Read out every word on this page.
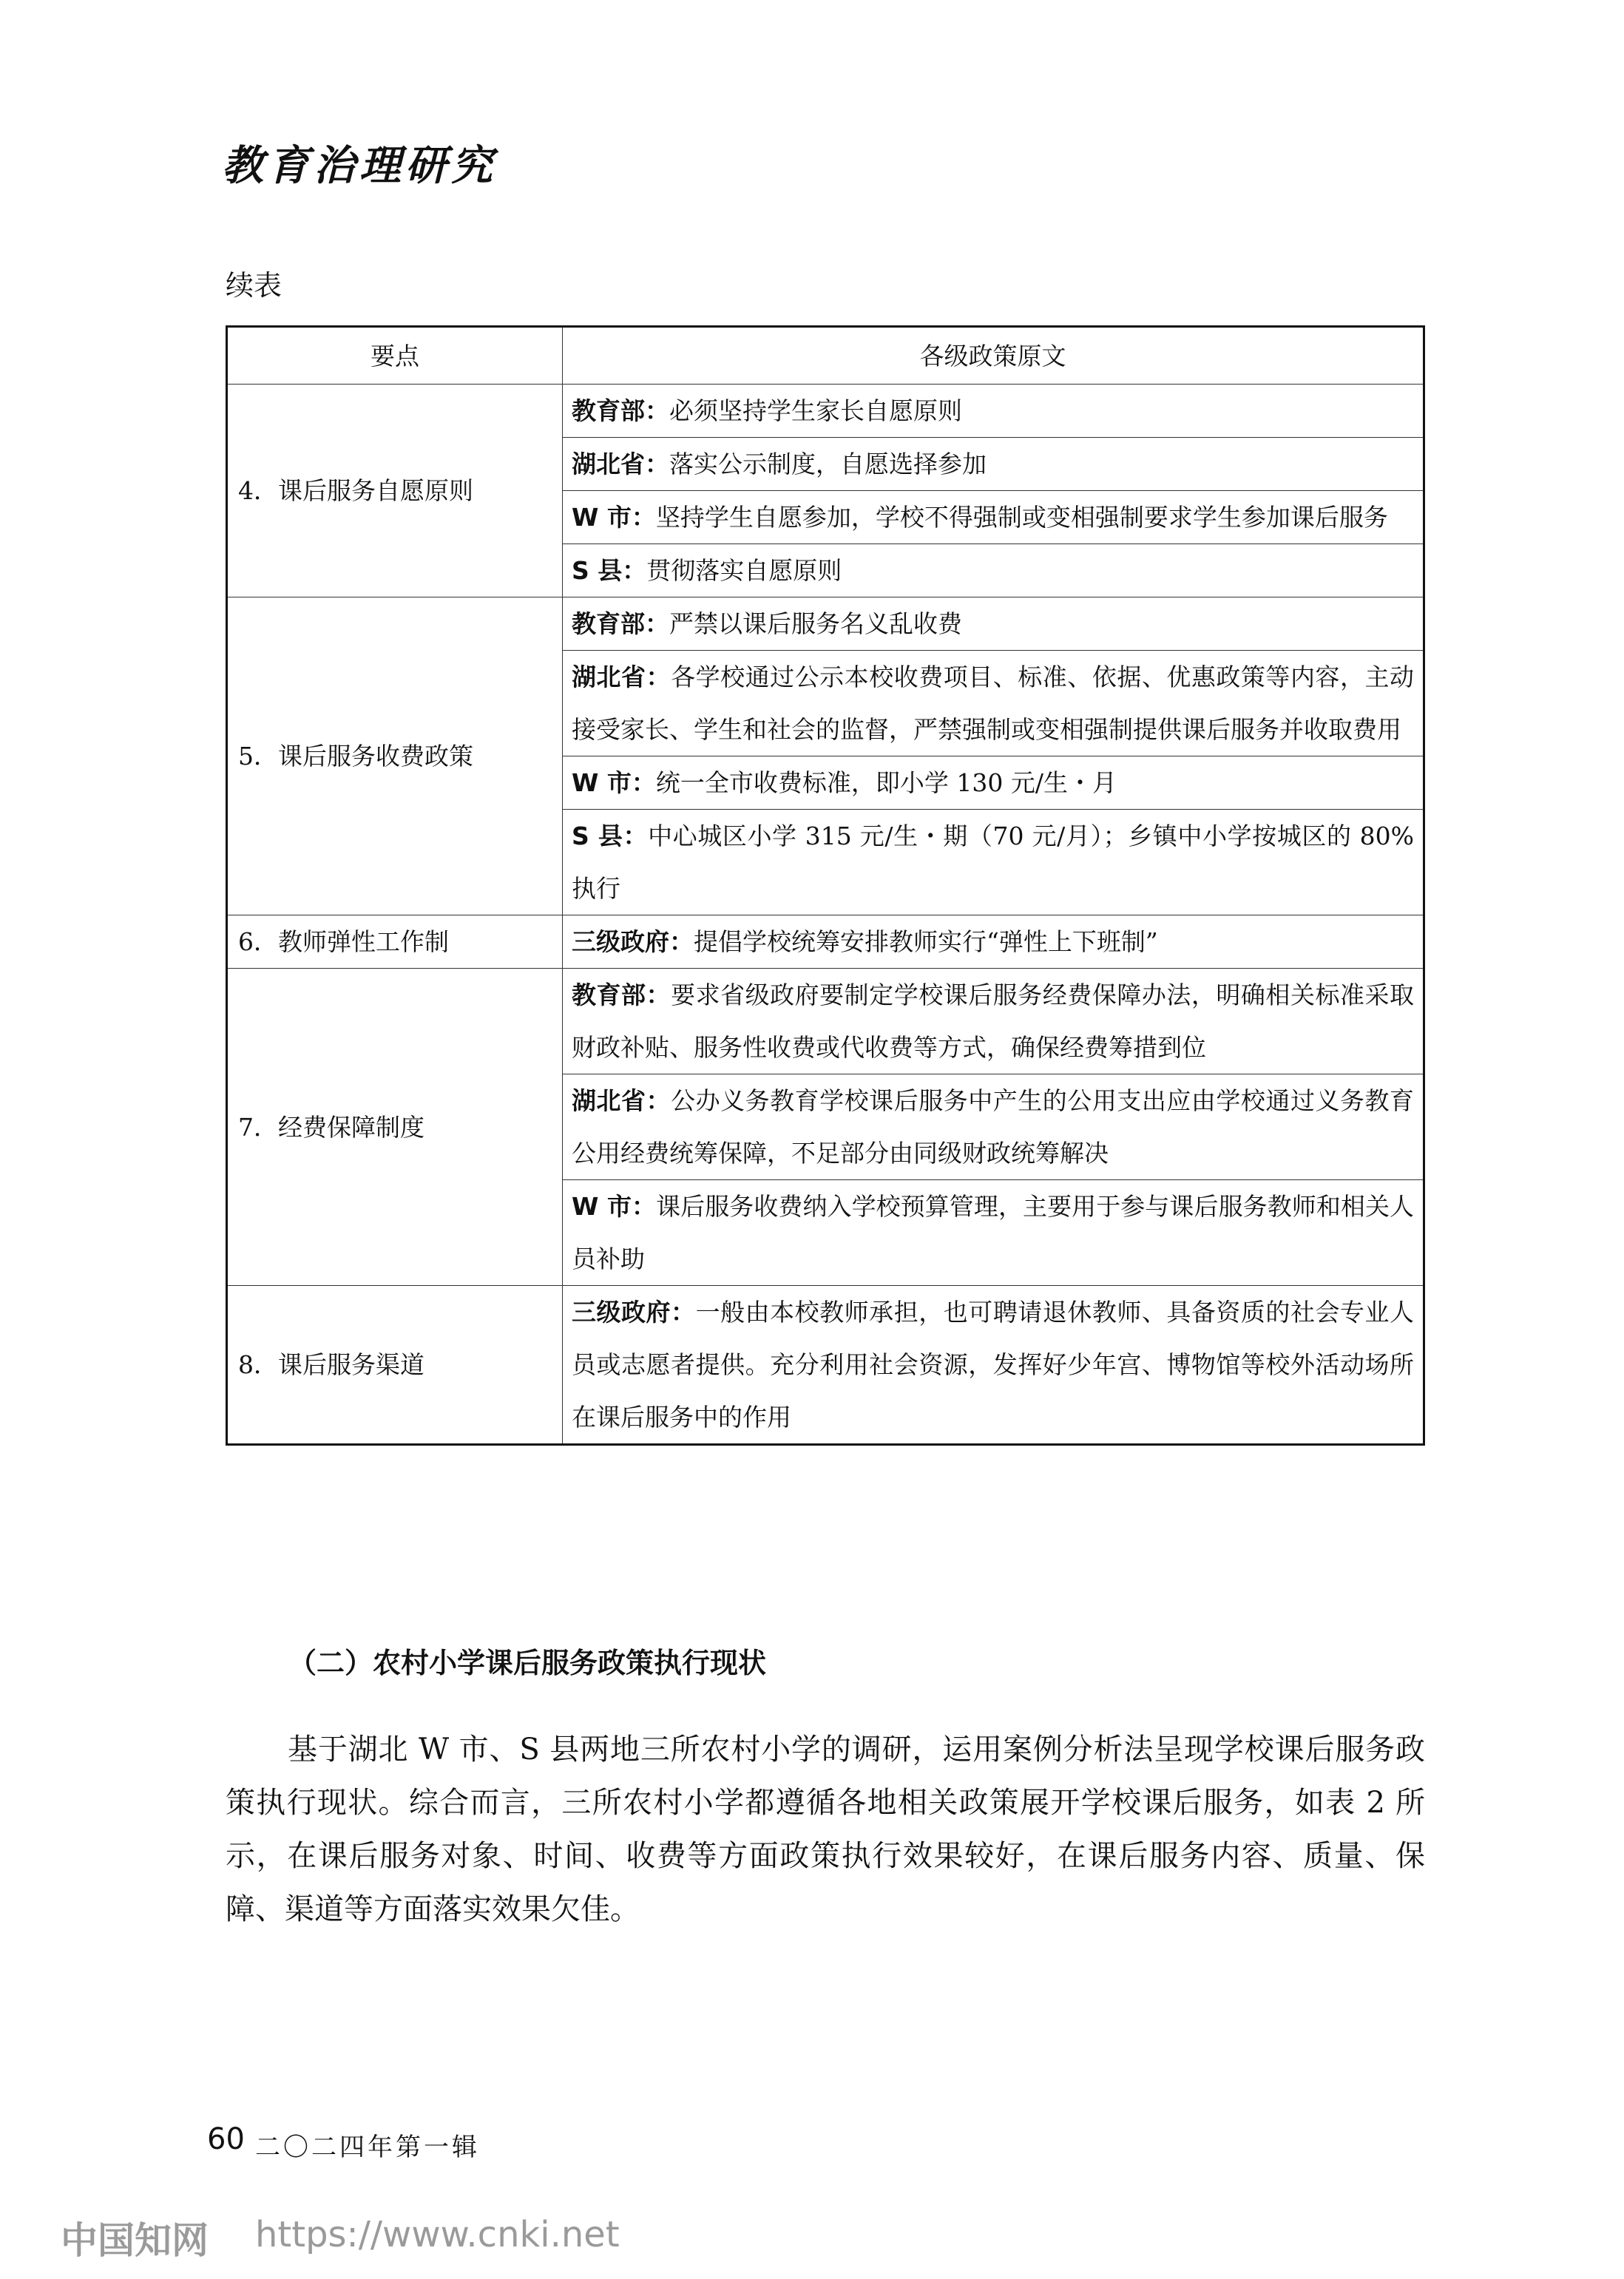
教育治理研究
续表
要点	各级政策原文
4．课后服务自愿原则	教育部：必须坚持学生家长自愿原则
	湖北省：落实公示制度，自愿选择参加
	W 市：坚持学生自愿参加，学校不得强制或变相强制要求学生参加课后服务
	S 县：贯彻落实自愿原则
5．课后服务收费政策	教育部：严禁以课后服务名义乱收费
	湖北省：各学校通过公示本校收费项目、标准、依据、优惠政策等内容，主动接受家长、学生和社会的监督，严禁强制或变相强制提供课后服务并收取费用
	W 市：统一全市收费标准，即小学 130 元/生・月
	S 县：中心城区小学 315 元/生・期（70 元/月）；乡镇中小学按城区的 80%执行
6．教师弹性工作制	三级政府：提倡学校统筹安排教师实行“弹性上下班制”
7．经费保障制度	教育部：要求省级政府要制定学校课后服务经费保障办法，明确相关标准采取财政补贴、服务性收费或代收费等方式，确保经费筹措到位
	湖北省：公办义务教育学校课后服务中产生的公用支出应由学校通过义务教育公用经费统筹保障，不足部分由同级财政统筹解决
	W 市：课后服务收费纳入学校预算管理，主要用于参与课后服务教师和相关人员补助
8．课后服务渠道	三级政府：一般由本校教师承担，也可聘请退休教师、具备资质的社会专业人员或志愿者提供。充分利用社会资源，发挥好少年宫、博物馆等校外活动场所在课后服务中的作用
（二）农村小学课后服务政策执行现状

基于湖北 W 市、S 县两地三所农村小学的调研，运用案例分析法呈现学校课后服务政策执行现状。综合而言，三所农村小学都遵循各地相关政策展开学校课后服务，如表 2 所示，在课后服务对象、时间、收费等方面政策执行效果较好，在课后服务内容、质量、保障、渠道等方面落实效果欠佳。

60 二〇二四年第一辑
中国知网 https://www.cnki.net
